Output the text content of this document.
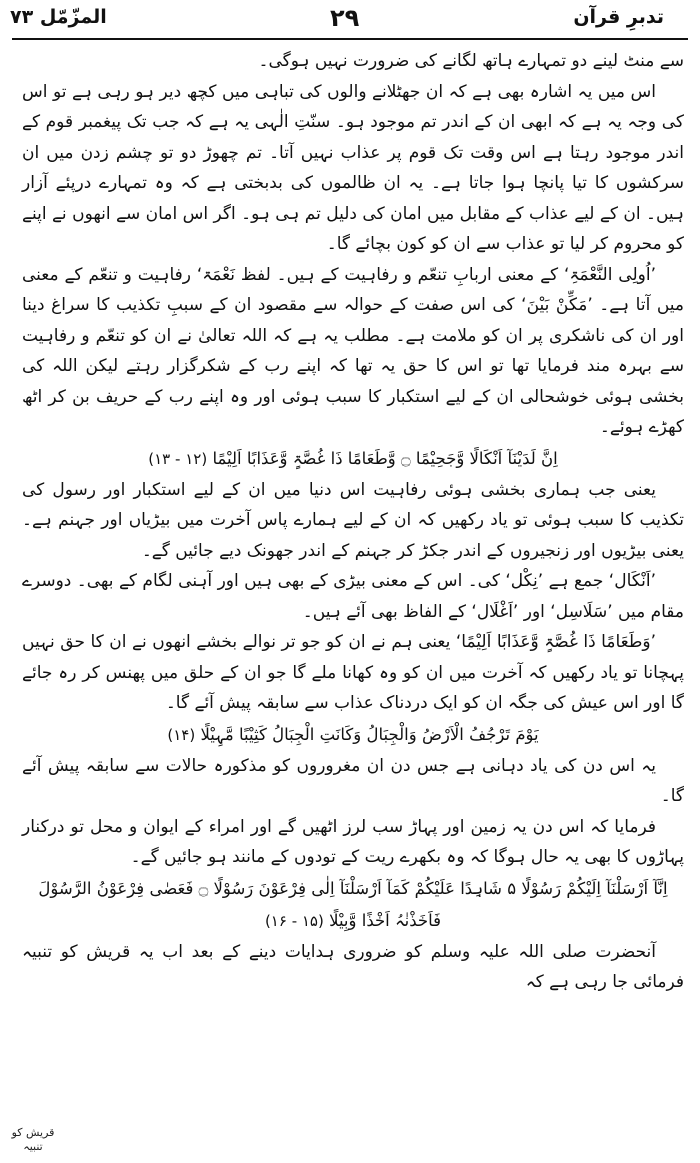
تدبرِ قرآن
۲۹
المزّمّل ۷۳

سے منٹ لینے دو تمہارے ہاتھ لگانے کی ضرورت نہیں ہوگی۔

اس میں یہ اشارہ بھی ہے کہ ان جھٹلانے والوں کی تباہی میں کچھ دیر ہو رہی ہے تو اس کی وجہ یہ ہے کہ ابھی ان کے اندر تم موجود ہو۔ سنّتِ الٰہی یہ ہے کہ جب تک پیغمبر قوم کے اندر موجود رہتا ہے اس وقت تک قوم پر عذاب نہیں آتا۔ تم چھوڑ دو تو چشم زدن میں ان سرکشوں کا تیا پانچا ہوا جاتا ہے۔ یہ ان ظالموں کی بدبختی ہے کہ وہ تمہارے درپئے آزار ہیں۔ ان کے لیے عذاب کے مقابل میں امان کی دلیل تم ہی ہو۔ اگر اس امان سے انھوں نے اپنے کو محروم کر لیا تو عذاب سے ان کو کون بچائے گا۔

’اُولِی النَّعْمَۃِ‘ کے معنی اربابِ تنعّم و رفاہیت کے ہیں۔ لفظ نَعْمَۃ‘ رفاہیت و تنعّم کے معنی میں آتا ہے۔ ’مَکِّنْ بَیْنَ‘ کی اس صفت کے حوالہ سے مقصود ان کے سببِ تکذیب کا سراغ دینا اور ان کی ناشکری پر ان کو ملامت ہے۔ مطلب یہ ہے کہ اللہ تعالیٰ نے ان کو تنعّم و رفاہیت سے بہرہ مند فرمایا تھا تو اس کا حق یہ تھا کہ اپنے رب کے شکرگزار رہتے لیکن اللہ کی بخشی ہوئی خوشحالی ان کے لیے استکبار کا سبب ہوئی اور وہ اپنے رب کے حریف بن کر اٹھ کھڑے ہوئے۔

اِنَّ لَدَیْنَآ اَنْکَالًا وَّجَحِیْمًا ۝ وَّطَعَامًا ذَا غُصَّۃٍ وَّعَذَابًا اَلِیْمًا (۱۲ - ۱۳)

یعنی جب ہماری بخشی ہوئی رفاہیت اس دنیا میں ان کے لیے استکبار اور رسول کی تکذیب کا سبب ہوئی تو یاد رکھیں کہ ان کے لیے ہمارے پاس آخرت میں بیڑیاں اور جہنم ہے۔ یعنی بیڑیوں اور زنجیروں کے اندر جکڑ کر جہنم کے اندر جھونک دیے جائیں گے۔

’اَنْکَال‘ جمع ہے ’نِکْل‘ کی۔ اس کے معنی بیڑی کے بھی ہیں اور آہنی لگام کے بھی۔ دوسرے مقام میں ’سَلَاسِل‘ اور ’اَغْلَال‘ کے الفاظ بھی آئے ہیں۔

’وَطَعَامًا ذَا غُصَّۃٍ وَّعَذَابًا اَلِیْمًا‘ یعنی ہم نے ان کو جو تر نوالے بخشے انھوں نے ان کا حق نہیں پہچانا تو یاد رکھیں کہ آخرت میں ان کو وہ کھانا ملے گا جو ان کے حلق میں پھنس کر رہ جائے گا اور اس عیش کی جگہ ان کو ایک دردناک عذاب سے سابقہ پیش آئے گا۔

یَوْمَ تَرْجُفُ الْاَرْضُ وَالْجِبَالُ وَکَانَتِ الْجِبَالُ کَثِیْبًا مَّہِیْلًا (۱۴)

یہ اس دن کی یاد دہانی ہے جس دن ان مغروروں کو مذکورہ حالات سے سابقہ پیش آئے گا۔

فرمایا کہ اس دن یہ زمین اور پہاڑ سب لرز اٹھیں گے اور امراء کے ایوان و محل تو درکنار پہاڑوں کا بھی یہ حال ہوگا کہ وہ بکھرے ریت کے تودوں کے مانند ہو جائیں گے۔

اِنَّآ اَرْسَلْنَآ اِلَیْکُمْ رَسُوْلًا ۵ شَاہِدًا عَلَیْکُمْ کَمَآ اَرْسَلْنَآ اِلٰی فِرْعَوْنَ رَسُوْلًا ۝ فَعَصٰی فِرْعَوْنُ الرَّسُوْلَ فَاَخَذْنٰہُ اَخْذًا وَّبِیْلًا (۱۵ - ۱۶)

آنحضرت صلی اللہ علیہ وسلم کو ضروری ہدایات دینے کے بعد اب یہ قریش کو تنبیہ فرمائی جا رہی ہے کہ

قریش کو تنبیہ
